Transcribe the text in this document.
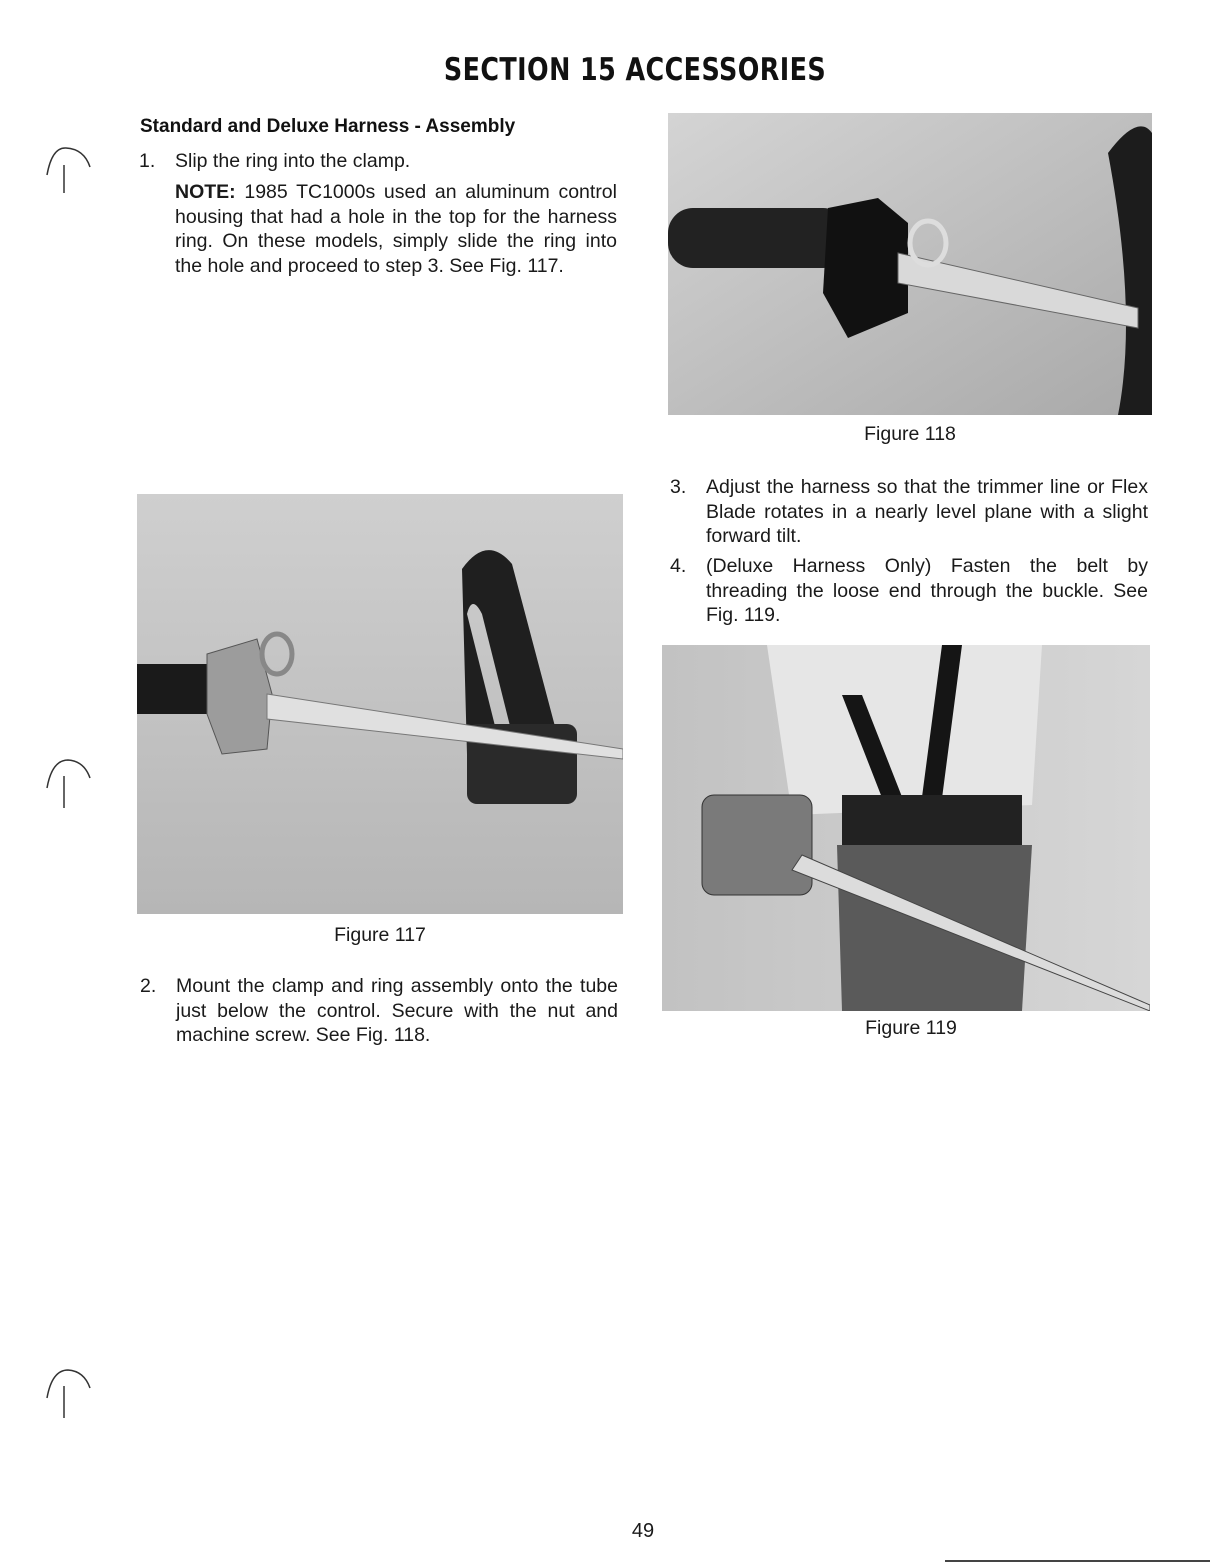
SECTION 15 ACCESSORIES
Standard and Deluxe Harness - Assembly
1. Slip the ring into the clamp.
NOTE: 1985 TC1000s used an aluminum control housing that had a hole in the top for the harness ring. On these models, simply slide the ring into the hole and proceed to step 3. See Fig. 117.
Figure 118
3. Adjust the harness so that the trimmer line or Flex Blade rotates in a nearly level plane with a slight forward tilt.
4. (Deluxe Harness Only) Fasten the belt by threading the loose end through the buckle. See Fig. 119.
Figure 117
2. Mount the clamp and ring assembly onto the tube just below the control. Secure with the nut and machine screw. See Fig. 118.	Figure 119
49
